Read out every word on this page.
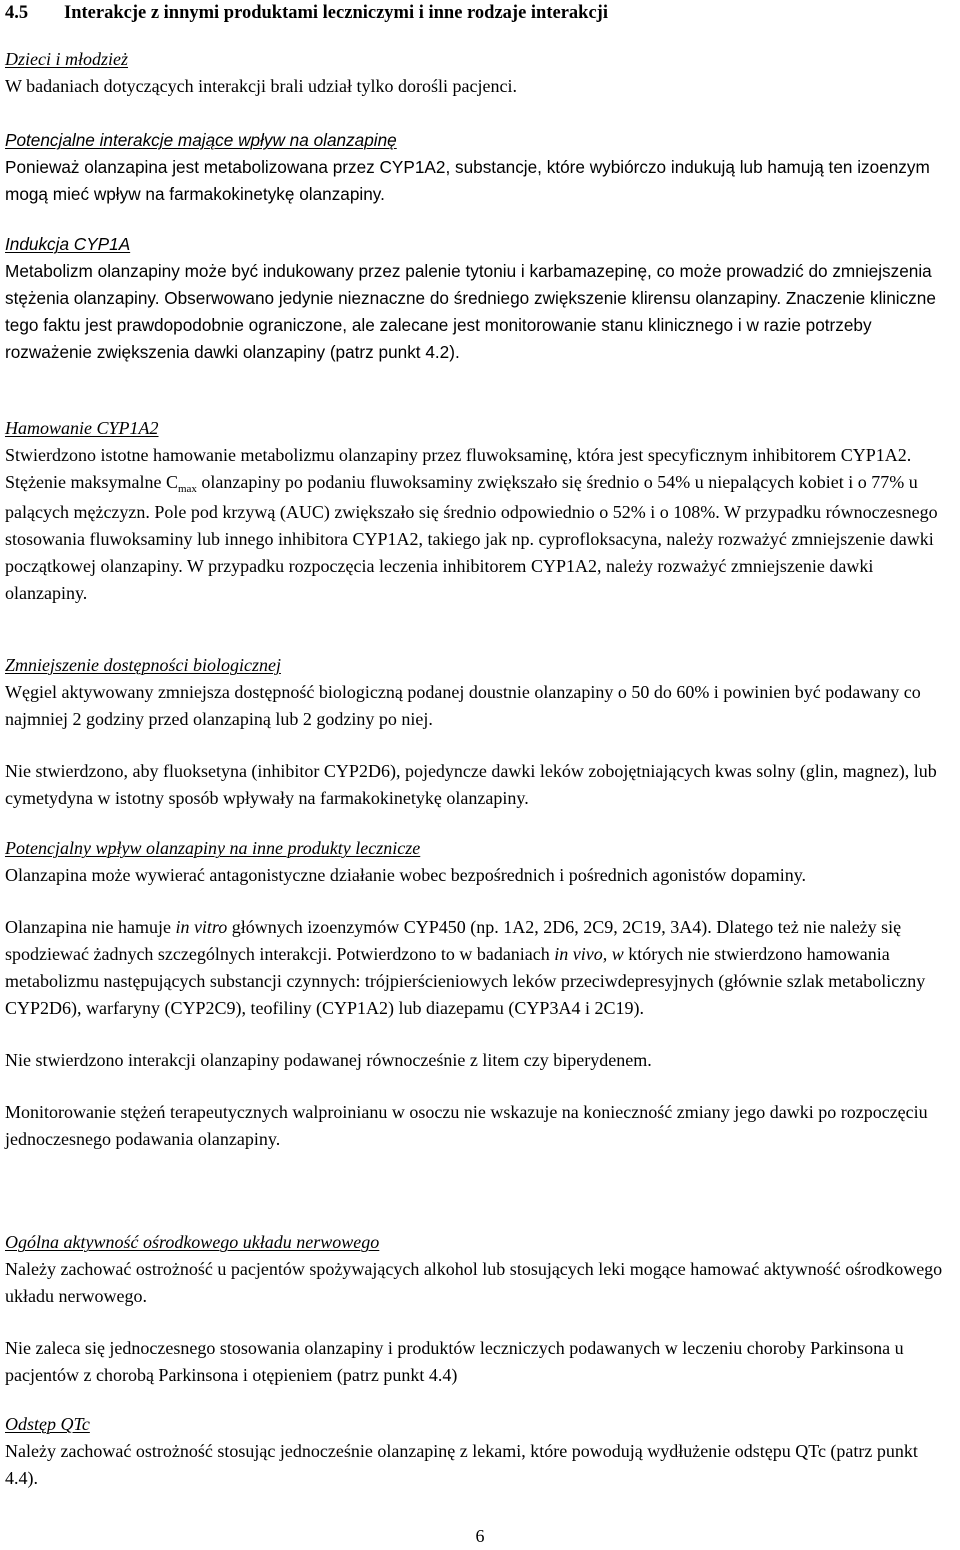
4.5 Interakcje z innymi produktami leczniczymi i inne rodzaje interakcji

Dzieci i młodzież

W badaniach dotyczących interakcji brali udział tylko dorośli pacjenci.

Potencjalne interakcje mające wpływ na olanzapinę

Ponieważ olanzapina jest metabolizowana przez CYP1A2, substancje, które wybiórczo indukują lub hamują ten izoenzym mogą mieć wpływ na farmakokinetykę olanzapiny.

Indukcja CYP1A

Metabolizm olanzapiny może być indukowany przez palenie tytoniu i karbamazepinę, co może prowadzić do zmniejszenia stężenia olanzapiny. Obserwowano jedynie nieznaczne do średniego zwiększenie klirensu olanzapiny. Znaczenie kliniczne tego faktu jest prawdopodobnie ograniczone, ale zalecane jest monitorowanie stanu klinicznego i w razie potrzeby rozważenie zwiększenia dawki olanzapiny (patrz punkt 4.2).

Hamowanie CYP1A2

Stwierdzono istotne hamowanie metabolizmu olanzapiny przez fluwoksaminę, która jest specyficznym inhibitorem CYP1A2. Stężenie maksymalne $C_{max}$ olanzapiny po podaniu fluwoksaminy zwiększało się średnio o 54% u niepalących kobiet i o 77% u palących mężczyzn. Pole pod krzywą (AUC) zwiększało się średnio odpowiednio o 52% i o 108%. W przypadku równoczesnego stosowania fluwoksaminy lub innego inhibitora CYP1A2, takiego jak np. cyprofloksacyna, należy rozważyć zmniejszenie dawki początkowej olanzapiny. W przypadku rozpoczęcia leczenia inhibitorem CYP1A2, należy rozważyć zmniejszenie dawki olanzapiny.

Zmniejszenie dostępności biologicznej

Węgiel aktywowany zmniejsza dostępność biologiczną podanej doustnie olanzapiny o 50 do 60% i powinien być podawany co najmniej 2 godziny przed olanzapiną lub 2 godziny po niej.

Nie stwierdzono, aby fluoksetyna (inhibitor CYP2D6), pojedyncze dawki leków zobojętniających kwas solny (glin, magnez), lub cymetydyna w istotny sposób wpływały na farmakokinetykę olanzapiny.

Potencjalny wpływ olanzapiny na inne produkty lecznicze

Olanzapina może wywierać antagonistyczne działanie wobec bezpośrednich i pośrednich agonistów dopaminy.

Olanzapina nie hamuje in vitro głównych izoenzymów CYP450 (np. 1A2, 2D6, 2C9, 2C19, 3A4). Dlatego też nie należy się spodziewać żadnych szczególnych interakcji. Potwierdzono to w badaniach in vivo, w których nie stwierdzono hamowania metabolizmu następujących substancji czynnych: trójpierścieniowych leków przeciwdepresyjnych (głównie szlak metaboliczny CYP2D6), warfaryny (CYP2C9), teofiliny (CYP1A2) lub diazepamu (CYP3A4 i 2C19).

Nie stwierdzono interakcji olanzapiny podawanej równocześnie z litem czy biperydenem.

Monitorowanie stężeń terapeutycznych walproinianu w osoczu nie wskazuje na konieczność zmiany jego dawki po rozpoczęciu jednoczesnego podawania olanzapiny.

Ogólna aktywność ośrodkowego układu nerwowego

Należy zachować ostrożność u pacjentów spożywających alkohol lub stosujących leki mogące hamować aktywność ośrodkowego układu nerwowego.

Nie zaleca się jednoczesnego stosowania olanzapiny i produktów leczniczych podawanych w leczeniu choroby Parkinsona u pacjentów z chorobą Parkinsona i otępieniem (patrz punkt 4.4)

Odstęp QTc

Należy zachować ostrożność stosując jednocześnie olanzapinę z lekami, które powodują wydłużenie odstępu QTc (patrz punkt 4.4).

6
